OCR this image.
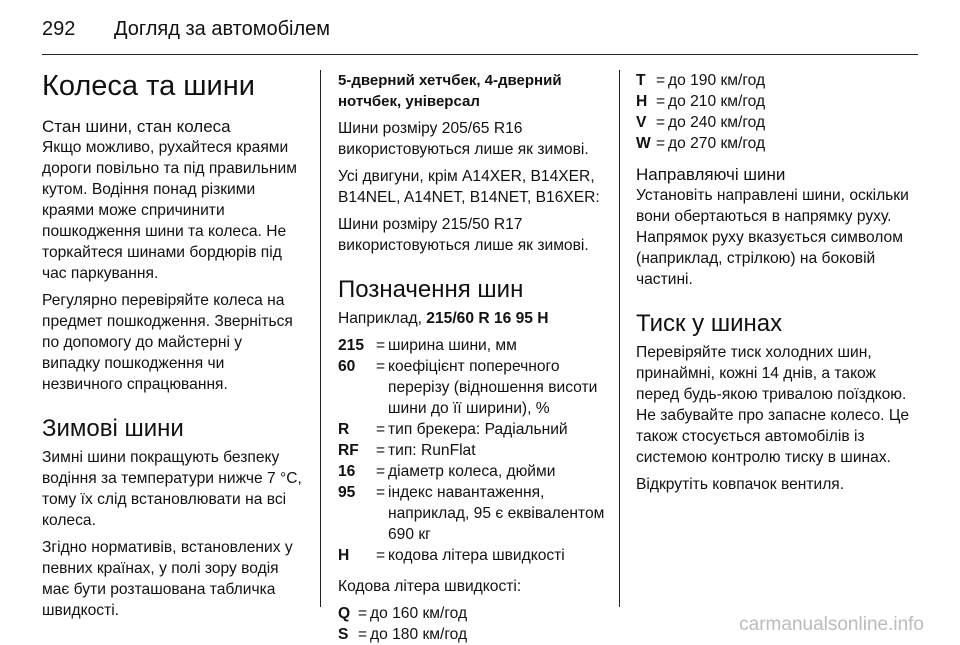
292	Догляд за автомобілем
Колеса та шини
Стан шини, стан колеса

Якщо можливо, рухайтеся краями дороги повільно та під правильним кутом. Водіння понад різкими краями може спричинити пошкодження шини та колеса. Не торкайтеся шинами бордюрів під час паркування.

Регулярно перевіряйте колеса на предмет пошкодження. Зверніться по допомогу до майстерні у випадку пошкодження чи незвичного спрацювання.

Зимові шини

Зимні шини покращують безпеку водіння за температури нижче 7 °C, тому їх слід встановлювати на всі колеса.

Згідно нормативів, встановлених у певних країнах, у полі зору водія має бути розташована табличка швидкості.

5-дверний хетчбек, 4-дверний нотчбек, універсал

Шини розміру 205/65 R16 використовуються лише як зимові.

Усі двигуни, крім A14XER, B14XER, B14NEL, A14NET, B14NET, B16XER:

Шини розміру 215/50 R17 використовуються лише як зимові.

Позначення шин

Наприклад, 215/60 R 16 95 H

215 = ширина шини, мм
60	= коефіцієнт поперечного перерізу (відношення висоти шини до її ширини), %
R	= тип брекера: Радіальний
RF	= тип: RunFlat
16	= діаметр колеса, дюйми
95	= індекс навантаження, наприклад, 95 є еквівалентом 690 кг
H	= кодова літера швидкості

Кодова літера швидкості:

Q = до 160 км/год
S = до 180 км/год
T = до 190 км/год
H = до 210 км/год
V = до 240 км/год
W = до 270 км/год
Направляючі шини

Установіть направлені шини, оскільки вони обертаються в напрямку руху. Напрямок руху вказується символом (наприклад, стрілкою) на боковій частині.

Тиск у шинах

Перевіряйте тиск холодних шин, принаймні, кожні 14 днів, а також перед будь-якою тривалою поїздкою. Не забувайте про запасне колесо. Це також стосується автомобілів із системою контролю тиску в шинах.

Відкрутіть ковпачок вентиля.

carmanualsonline.info
